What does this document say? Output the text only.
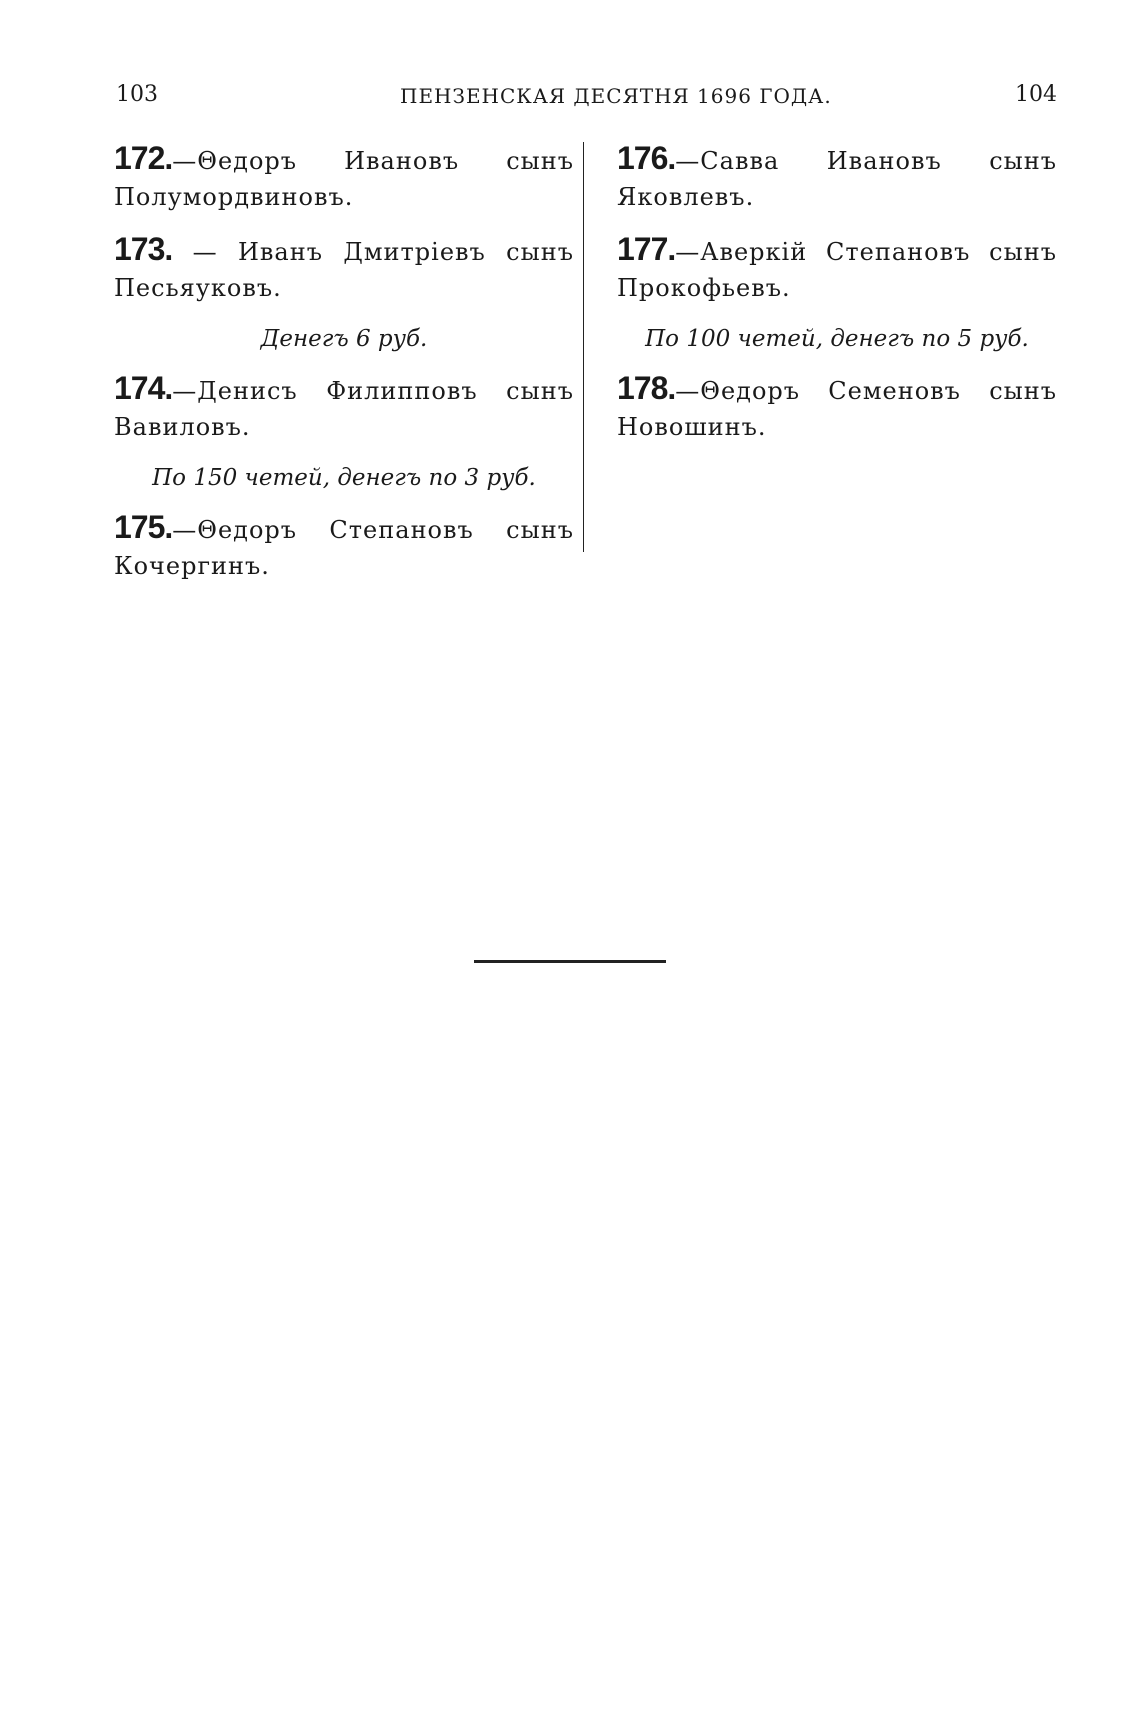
103	ПЕНЗЕНСКАЯ ДЕСЯТНЯ 1696 ГОДА.	104

172.—Θедоръ Ивановъ сынъ Полумордвиновъ.

173. — Иванъ Дмитрiевъ сынъ Песьяуковъ.

Денегъ 6 руб.

174.—Денисъ Филипповъ сынъ Вавиловъ.

По 150 четей, денегъ по 3 руб.

175.—Θедоръ Степановъ сынъ Кочергинъ.

176.—Савва Ивановъ сынъ Яковлевъ.

177.—Аверкiй Степановъ сынъ Прокофьевъ.

По 100 четей, денегъ по 5 руб.

178.—Θедоръ Семеновъ сынъ Новошинъ.
